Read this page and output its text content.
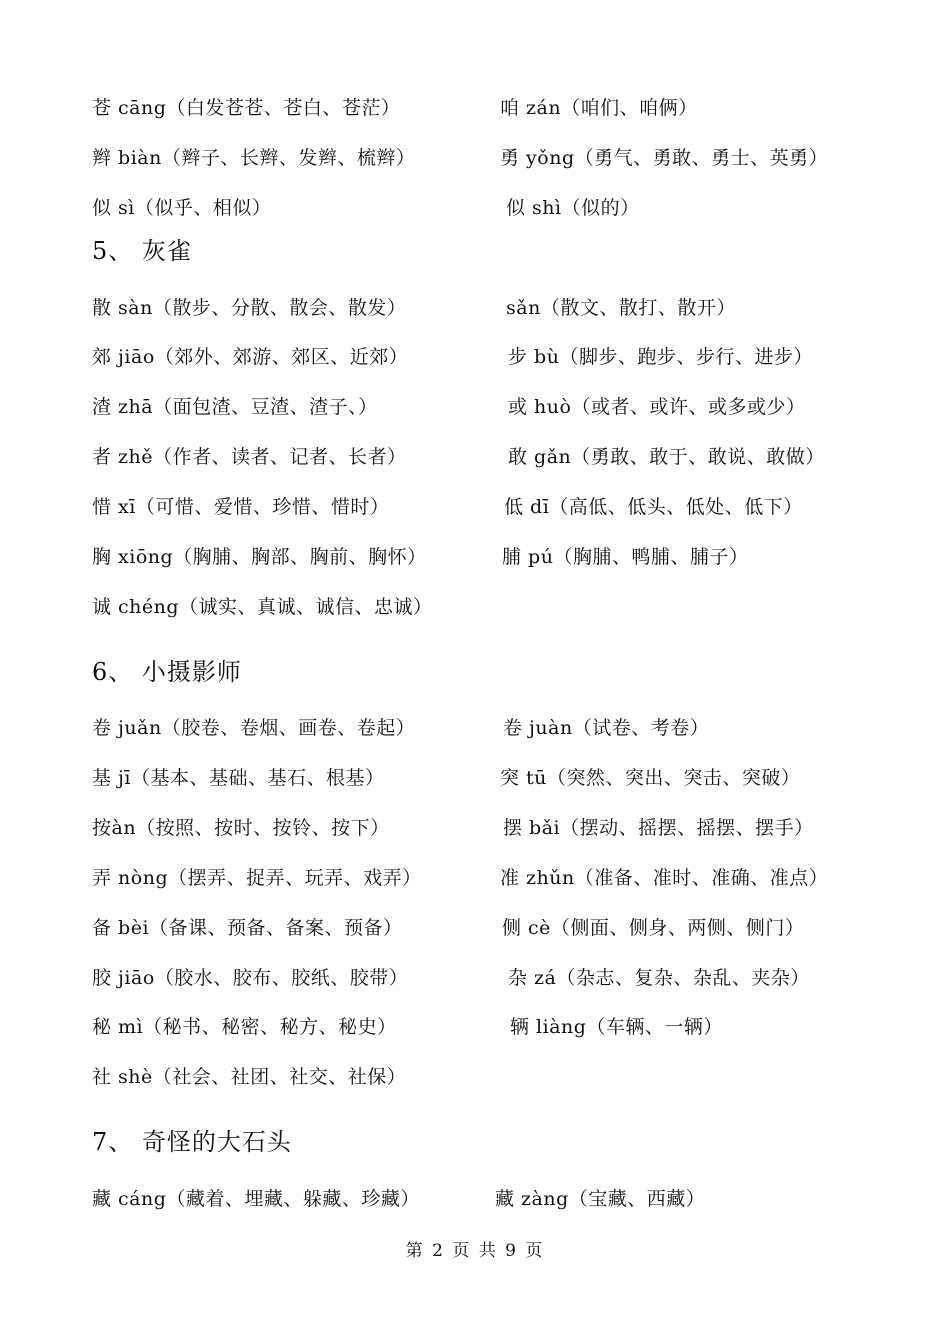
苍 cāng（白发苍苍、苍白、苍茫）	咱 zán（咱们、咱俩）
辫 biàn（辫子、长辫、发辫、梳辫）	勇 yǒng（勇气、勇敢、勇士、英勇）
似 sì（似乎、相似）	似 shì（似的）
5、 灰雀
散 sàn（散步、分散、散会、散发）	sǎn（散文、散打、散开）
郊 jiāo（郊外、郊游、郊区、近郊）	步 bù（脚步、跑步、步行、进步）
渣 zhā（面包渣、豆渣、渣子、）	或 huò（或者、或许、或多或少）
者 zhě（作者、读者、记者、长者）	敢 gǎn（勇敢、敢于、敢说、敢做）
惜 xī（可惜、爱惜、珍惜、惜时）	低 dī（高低、低头、低处、低下）
胸 xiōng（胸脯、胸部、胸前、胸怀）	脯 pú（胸脯、鸭脯、脯子）
诚 chéng（诚实、真诚、诚信、忠诚）
6、 小摄影师
卷 juǎn（胶卷、卷烟、画卷、卷起）	卷 juàn（试卷、考卷）
基 jī（基本、基础、基石、根基）	突 tū（突然、突出、突击、突破）
按àn（按照、按时、按铃、按下）	摆 bǎi（摆动、摇摆、摇摆、摆手）
弄 nòng（摆弄、捉弄、玩弄、戏弄）	准 zhǔn（准备、准时、准确、准点）
备 bèi（备课、预备、备案、预备）	侧 cè（侧面、侧身、两侧、侧门）
胶 jiāo（胶水、胶布、胶纸、胶带）	杂 zá（杂志、复杂、杂乱、夹杂）
秘 mì（秘书、秘密、秘方、秘史）	辆 liàng（车辆、一辆）
社 shè（社会、社团、社交、社保）
7、 奇怪的大石头
藏 cáng（藏着、埋藏、躲藏、珍藏）	藏 zàng（宝藏、西藏）
第 2 页 共 9 页
